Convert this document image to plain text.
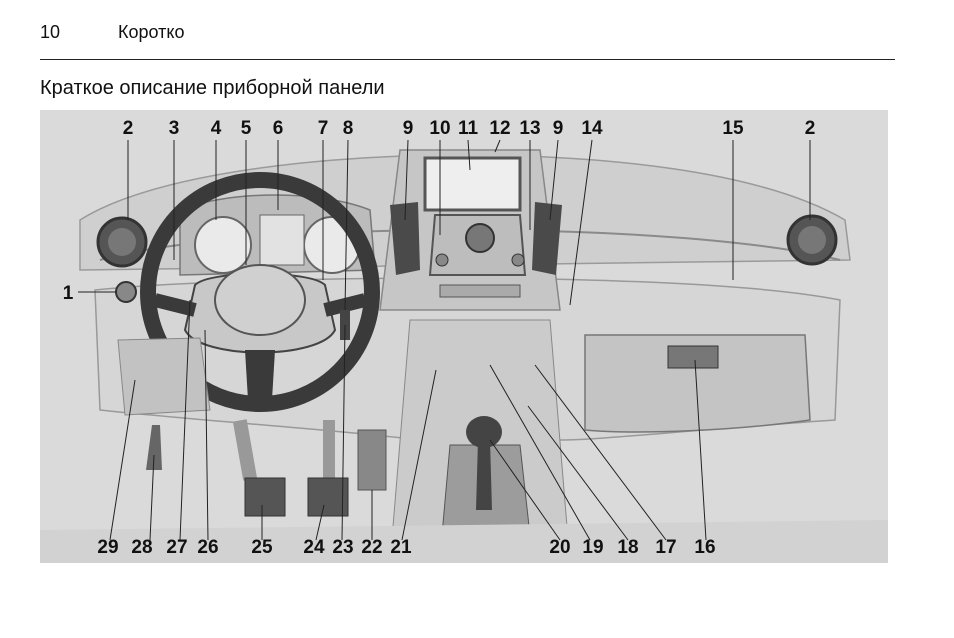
10	Коротко
Краткое описание приборной панели
2 3 4 5 6 7 8	9 10 11 12 13 9 14	15	2
1
29 28 27 26 25 24 23 22 21	20 19 18 17 16
